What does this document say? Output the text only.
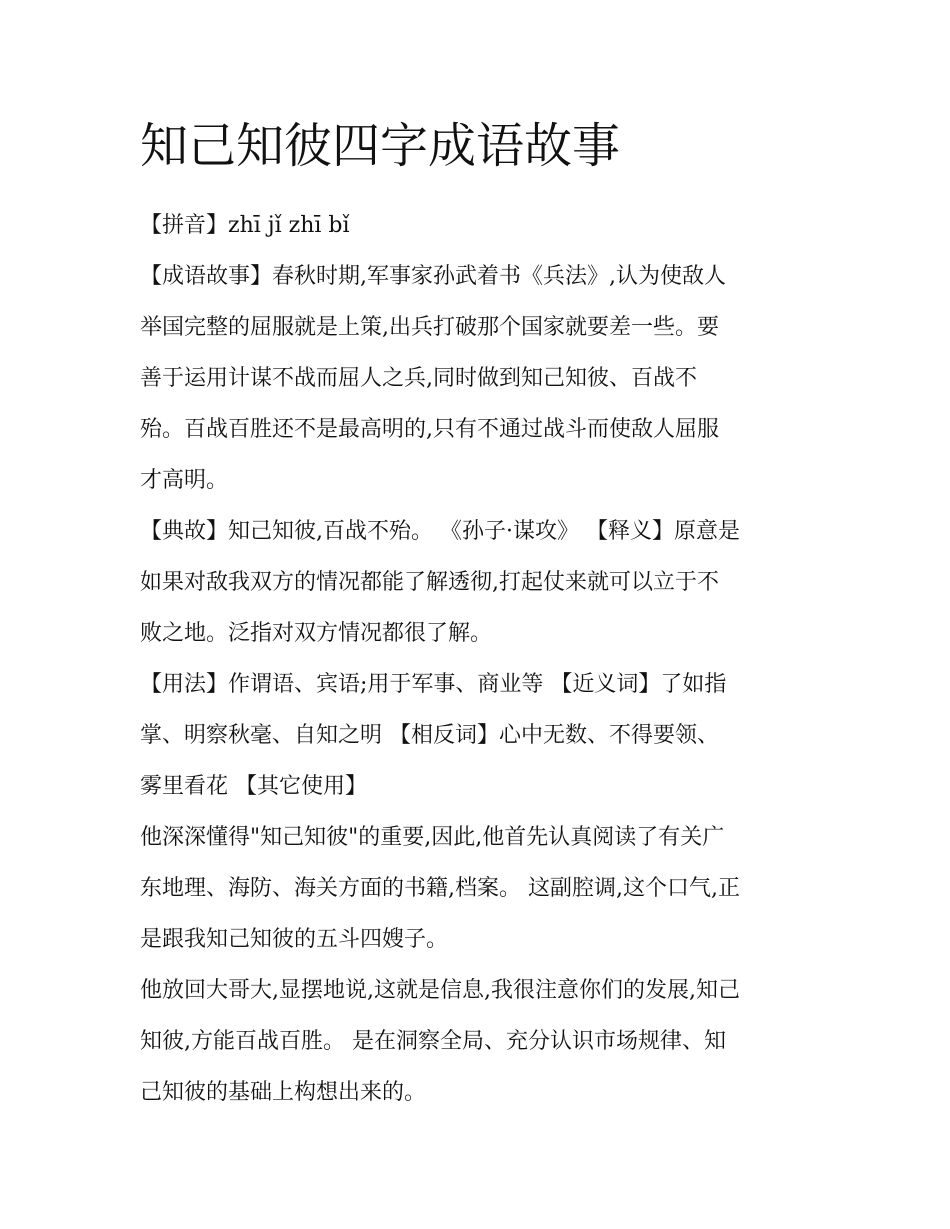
知己知彼四字成语故事

【拼音】zhī jǐ zhī bǐ

【成语故事】春秋时期,军事家孙武着书《兵法》,认为使敌人
举国完整的屈服就是上策,出兵打破那个国家就要差一些。要
善于运用计谋不战而屈人之兵,同时做到知己知彼、百战不
殆。百战百胜还不是最高明的,只有不通过战斗而使敌人屈服
才高明。

【典故】知己知彼,百战不殆。 《孙子·谋攻》 【释义】原意是
如果对敌我双方的情况都能了解透彻,打起仗来就可以立于不
败之地。泛指对双方情况都很了解。

【用法】作谓语、宾语;用于军事、商业等 【近义词】了如指
掌、明察秋毫、自知之明 【相反词】心中无数、不得要领、
雾里看花 【其它使用】

他深深懂得"知己知彼"的重要,因此,他首先认真阅读了有关广
东地理、海防、海关方面的书籍,档案。 这副腔调,这个口气,正
是跟我知己知彼的五斗四嫂子。

他放回大哥大,显摆地说,这就是信息,我很注意你们的发展,知己
知彼,方能百战百胜。 是在洞察全局、充分认识市场规律、知
己知彼的基础上构想出来的。
